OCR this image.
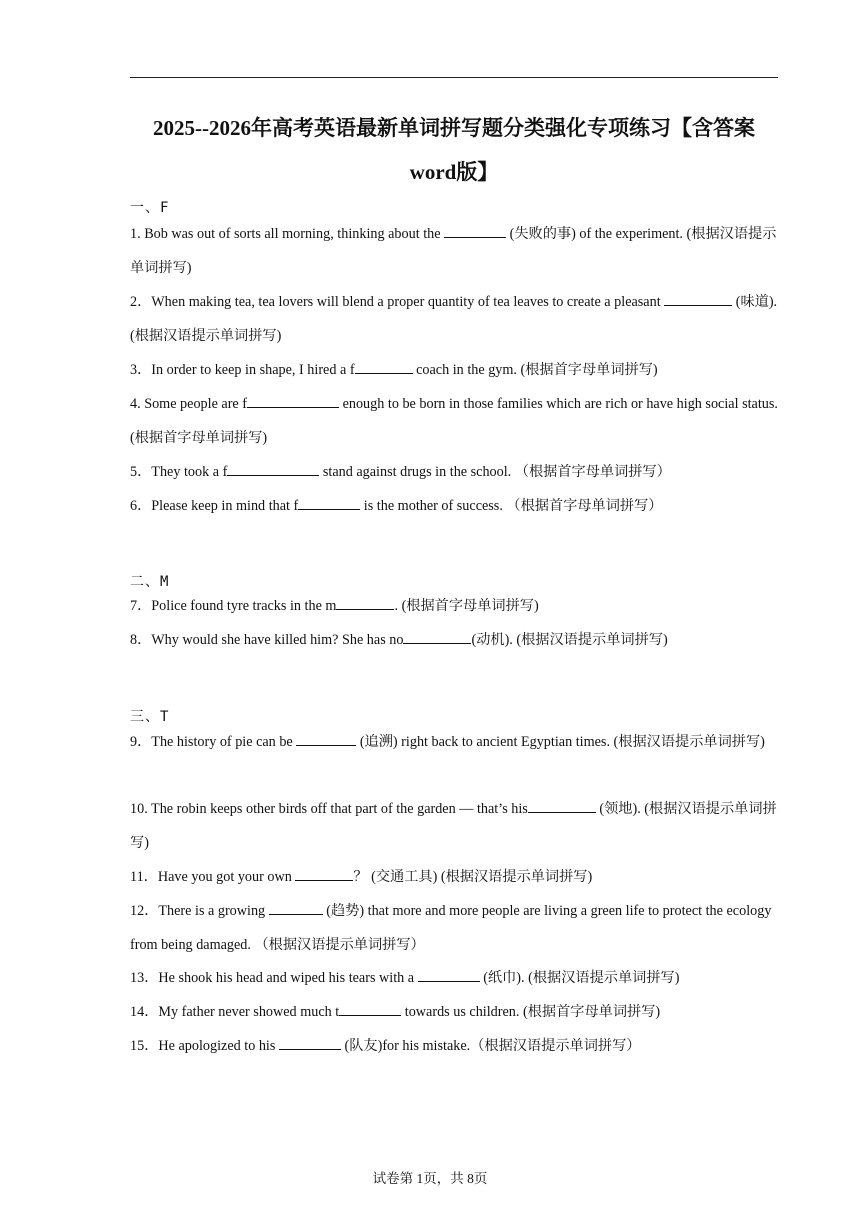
2025--2026年高考英语最新单词拼写题分类强化专项练习【含答案
word版】
一、F
1. Bob was out of sorts all morning, thinking about the	(失败的事) of the experiment. (根据汉语提示单词拼写)
2．When making tea, tea lovers will blend a proper quantity of tea leaves to create a pleasant	(味道). (根据汉语提示单词拼写)
3．In order to keep in shape, I hired a f	coach in the gym. (根据首字母单词拼写)
4. Some people are f	enough to be born in those families which are rich or have high social status. (根据首字母单词拼写)
5．They took a f	stand against drugs in the school. （根据首字母单词拼写）
6．Please keep in mind that f	is the mother of success. （根据首字母单词拼写）
二、M
7．Police found tyre tracks in the m	. (根据首字母单词拼写)
8．Why would she have killed him? She has no	(动机). (根据汉语提示单词拼写)
三、T
9．The history of pie can be	(追溯) right back to ancient Egyptian times. (根据汉语提示单词拼写)
10. The robin keeps other birds off that part of the garden — that’s his	(领地). (根据汉语提示单词拼写)
11．Have you got your own	？ (交通工具) (根据汉语提示单词拼写)
12．There is a growing	(趋势) that more and more people are living a green life to protect the ecology from being damaged. （根据汉语提示单词拼写）
13．He shook his head and wiped his tears with a	(纸巾). (根据汉语提示单词拼写)
14．My father never showed much t	towards us children. (根据首字母单词拼写)
15．He apologized to his	(队友)for his mistake.（根据汉语提示单词拼写）
试卷第 1页，共 8页
